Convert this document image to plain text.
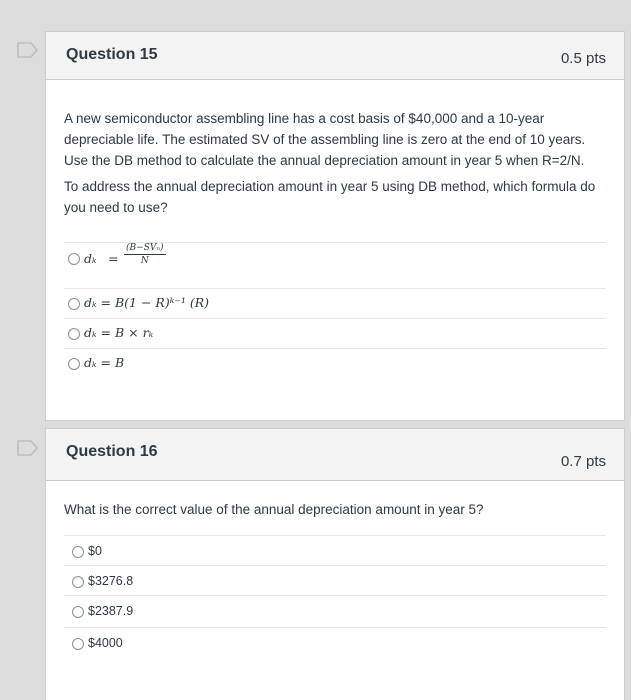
Question 15	0.5 pts
A new semiconductor assembling line has a cost basis of $40,000 and a 10-year depreciable life. The estimated SV of the assembling line is zero at the end of 10 years. Use the DB method to calculate the annual depreciation amount in year 5 when R=2/N.
To address the annual depreciation amount in year 5 using DB method, which formula do you need to use?
dₖ =
(B−SVₙ)
N
dₖ = B(1 − R)ᵏ⁻¹ (R)
dₖ = B × rₖ
dₖ = B
Question 16
0.7 pts
What is the correct value of the annual depreciation amount in year 5?
$0
$3276.8
$2387.9
$4000
